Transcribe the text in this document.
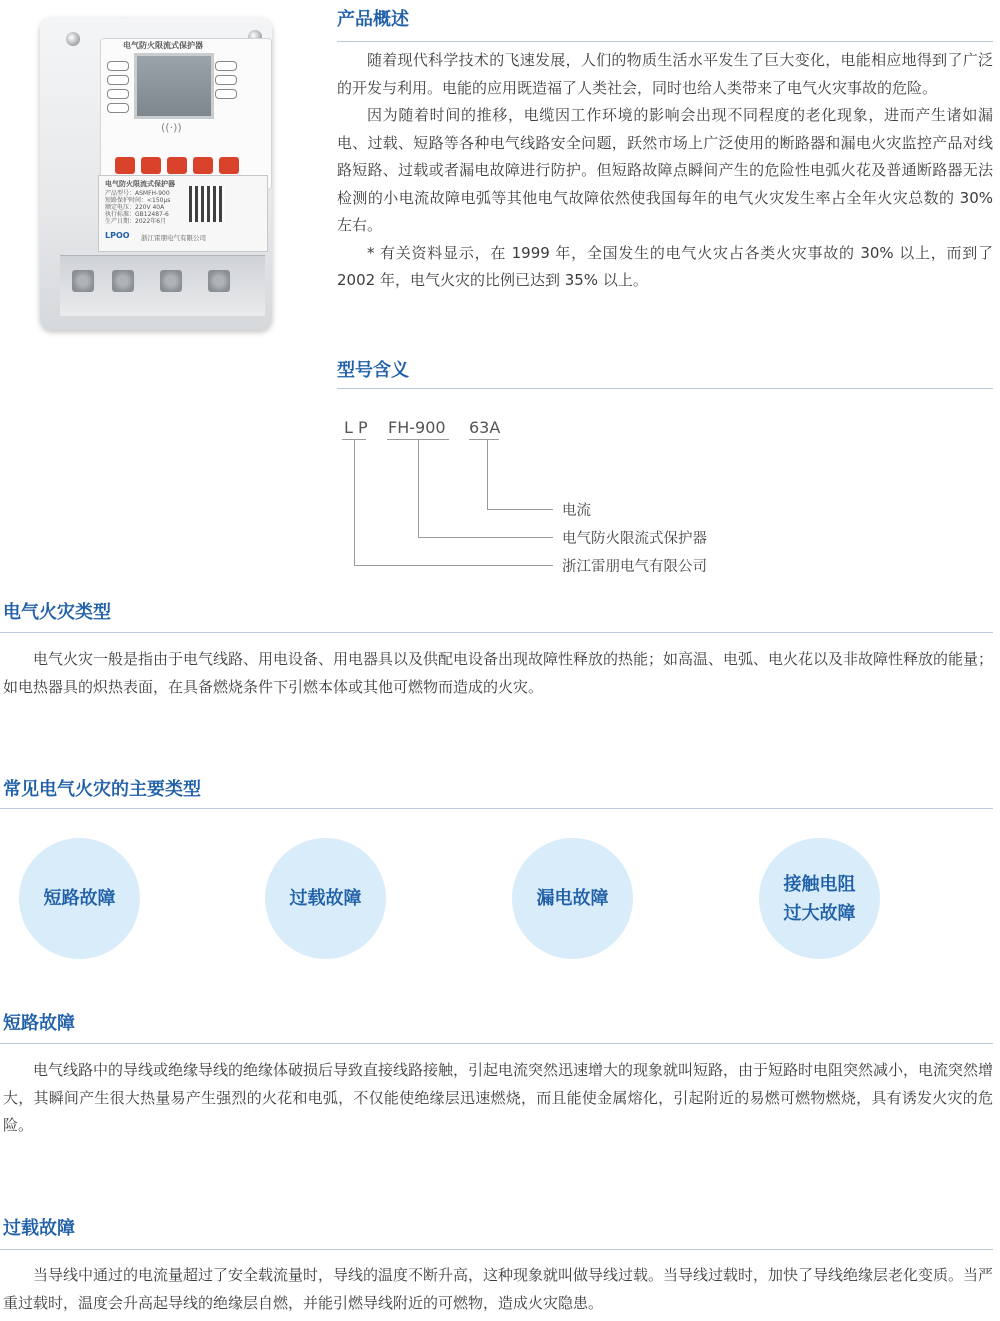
电气防火限流式保护器
((·))
电气防火限流式保护器
产品型号：ASMFH-900
短路保护时间：<150μs
额定电压：220V 40A
执行标准：GB12487-6
生产日期：2022年6月
LPOO 浙江雷朋电气有限公司
产品概述

随着现代科学技术的飞速发展，人们的物质生活水平发生了巨大变化，电能相应地得到了广泛的开发与利用。电能的应用既造福了人类社会，同时也给人类带来了电气火灾事故的危险。

因为随着时间的推移，电缆因工作环境的影响会出现不同程度的老化现象，进而产生诸如漏电、过载、短路等各种电气线路安全问题，跃然市场上广泛使用的断路器和漏电火灾监控产品对线路短路、过载或者漏电故障进行防护。但短路故障点瞬间产生的危险性电弧火花及普通断路器无法检测的小电流故障电弧等其他电气故障依然使我国每年的电气火灾发生率占全年火灾总数的 30% 左右。

* 有关资料显示，在 1999 年，全国发生的电气火灾占各类火灾事故的 30% 以上，而到了 2002 年，电气火灾的比例已达到 35% 以上。

型号含义
L P FH-900 63A
电流
电气防火限流式保护器
浙江雷朋电气有限公司
电气火灾类型

电气火灾一般是指由于电气线路、用电设备、用电器具以及供配电设备出现故障性释放的热能；如高温、电弧、电火花以及非故障性释放的能量；如电热器具的炽热表面，在具备燃烧条件下引燃本体或其他可燃物而造成的火灾。

常见电气火灾的主要类型
短路故障	过载故障	漏电故障
接触电阻
过大故障
短路故障

电气线路中的导线或绝缘导线的绝缘体破损后导致直接线路接触，引起电流突然迅速增大的现象就叫短路，由于短路时电阻突然减小，电流突然增大，其瞬间产生很大热量易产生强烈的火花和电弧，不仅能使绝缘层迅速燃烧，而且能使金属熔化，引起附近的易燃可燃物燃烧，具有诱发火灾的危险。

过载故障

当导线中通过的电流量超过了安全载流量时，导线的温度不断升高，这种现象就叫做导线过载。当导线过载时，加快了导线绝缘层老化变质。当严重过载时，温度会升高起导线的绝缘层自燃，并能引燃导线附近的可燃物，造成火灾隐患。
